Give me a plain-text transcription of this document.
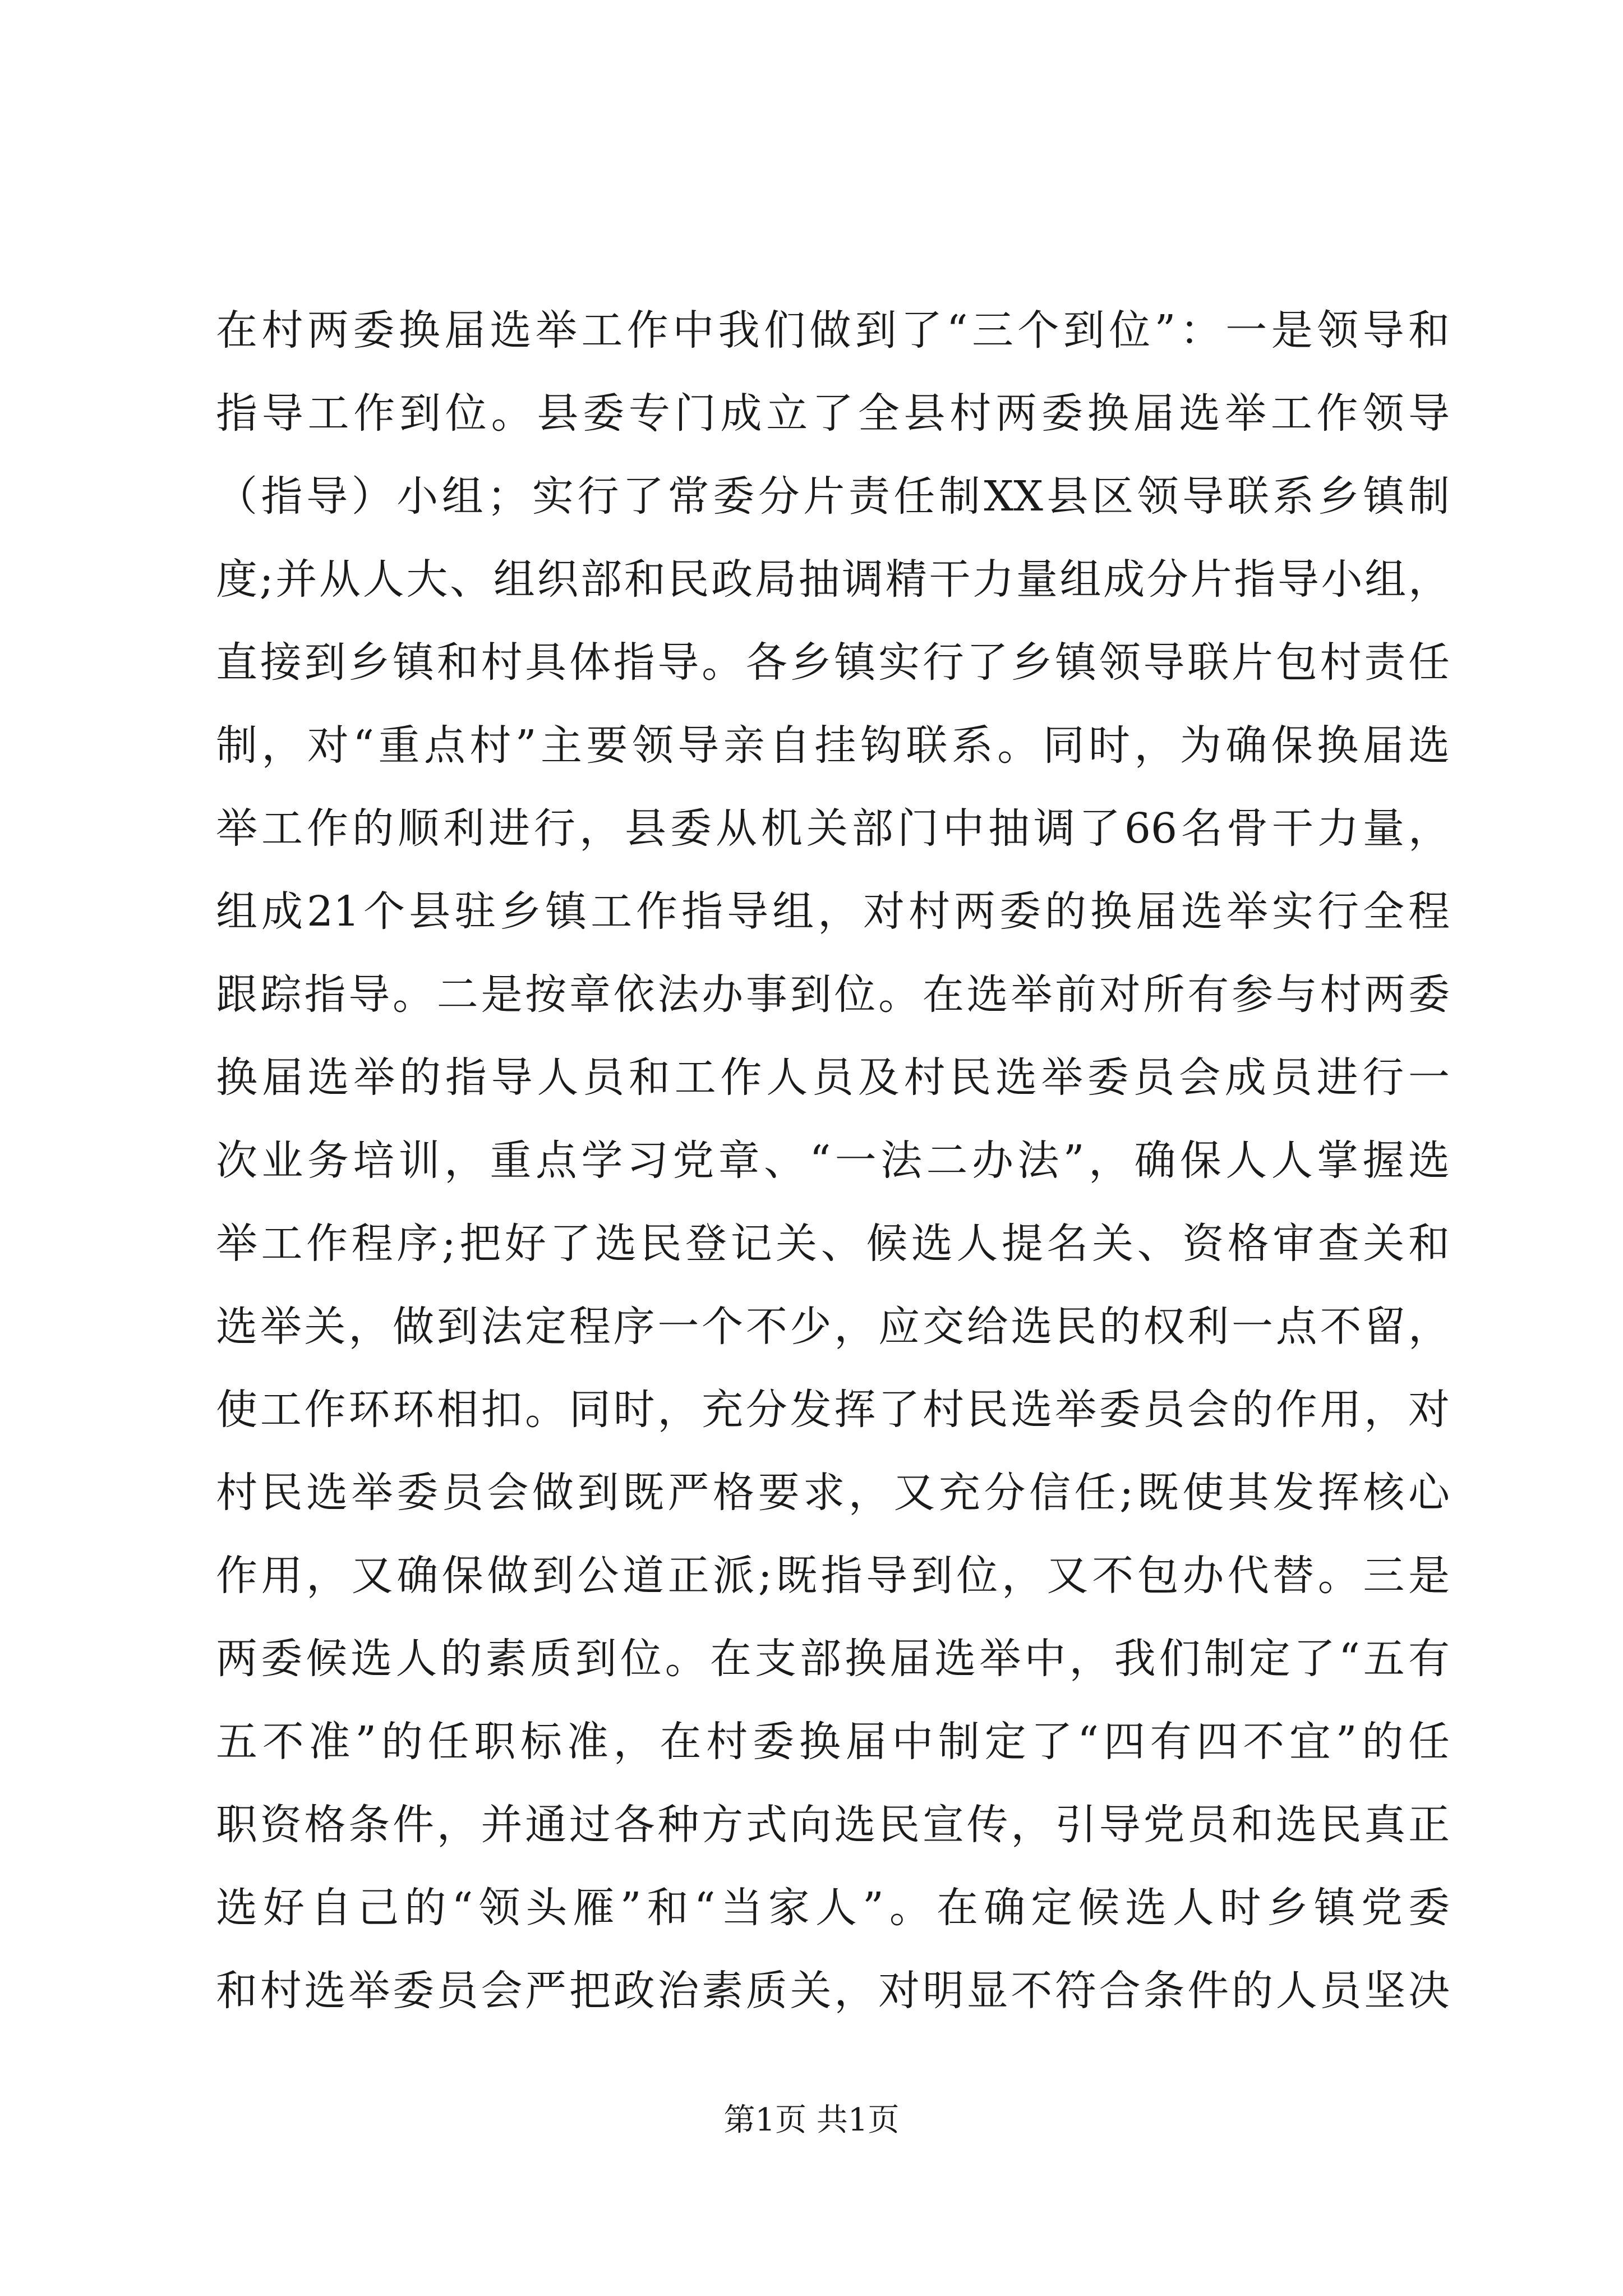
在村两委换届选举工作中我们做到了“三个到位”：一是领导和
指导工作到位。县委专门成立了全县村两委换届选举工作领导
（指导）小组；实行了常委分片责任制XX县区领导联系乡镇制
度;并从人大、组织部和民政局抽调精干力量组成分片指导小组，
直接到乡镇和村具体指导。各乡镇实行了乡镇领导联片包村责任
制，对“重点村”主要领导亲自挂钩联系。同时，为确保换届选
举工作的顺利进行，县委从机关部门中抽调了66名骨干力量，
组成21个县驻乡镇工作指导组，对村两委的换届选举实行全程
跟踪指导。二是按章依法办事到位。在选举前对所有参与村两委
换届选举的指导人员和工作人员及村民选举委员会成员进行一
次业务培训，重点学习党章、“一法二办法”，确保人人掌握选
举工作程序;把好了选民登记关、候选人提名关、资格审查关和
选举关，做到法定程序一个不少，应交给选民的权利一点不留，
使工作环环相扣。同时，充分发挥了村民选举委员会的作用，对
村民选举委员会做到既严格要求，又充分信任;既使其发挥核心
作用，又确保做到公道正派;既指导到位，又不包办代替。三是
两委候选人的素质到位。在支部换届选举中，我们制定了“五有
五不准”的任职标准，在村委换届中制定了“四有四不宜”的任
职资格条件，并通过各种方式向选民宣传，引导党员和选民真正
选好自己的“领头雁”和“当家人”。在确定候选人时乡镇党委
和村选举委员会严把政治素质关，对明显不符合条件的人员坚决
第1页 共1页
